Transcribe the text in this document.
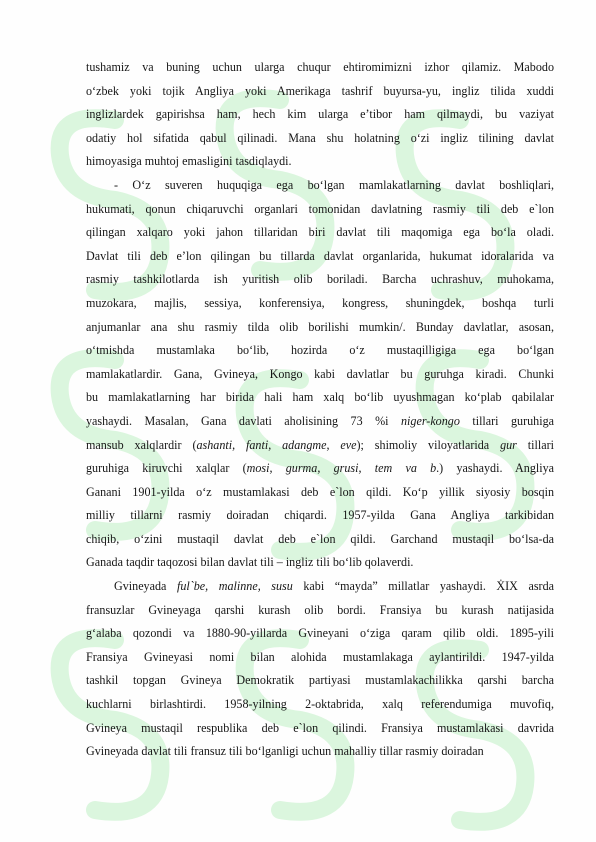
tushamiz va buning uchun ularga chuqur ehtiromimizni izhor qilamiz. Mabodo
o‘zbek yoki tojik Angliya yoki Amerikaga tashrif buyursa-yu, ingliz tilida xuddi
inglizlardek gapirishsa ham, hech kim ularga e’tibor ham qilmaydi, bu vaziyat
odatiy hol sifatida qabul qilinadi. Mana shu holatning o‘zi ingliz tilining davlat
himoyasiga muhtoj emasligini tasdiqlaydi.

- O‘z suveren huquqiga ega bo‘lgan mamlakatlarning davlat boshliqlari,
hukumati, qonun chiqaruvchi organlari tomonidan davlatning rasmiy tili deb e`lon
qilingan xalqaro yoki jahon tillaridan biri davlat tili maqomiga ega bo‘la oladi.
Davlat tili deb e’lon qilingan bu tillarda davlat organlarida, hukumat idoralarida va
rasmiy tashkilotlarda ish yuritish olib boriladi. Barcha uchrashuv, muhokama,
muzokara, majlis, sessiya, konferensiya, kongress, shuningdek, boshqa turli
anjumanlar ana shu rasmiy tilda olib borilishi mumkin/. Bunday davlatlar, asosan,
o‘tmishda mustamlaka bo‘lib, hozirda o‘z mustaqilligiga ega bo‘lgan
mamlakatlardir. Gana, Gvineya, Kongo kabi davlatlar bu guruhga kiradi. Chunki
bu mamlakatlarning har birida hali ham xalq bo‘lib uyushmagan ko‘plab qabilalar
yashaydi. Masalan, Gana davlati aholisining 73 %i niger-kongo tillari guruhiga
mansub xalqlardir (ashanti, fanti, adangme, eve); shimoliy viloyatlarida gur tillari
guruhiga kiruvchi xalqlar (mosi, gurma, grusi, tem va b.) yashaydi. Angliya
Ganani 1901-yilda o‘z mustamlakasi deb e`lon qildi. Ko‘p yillik siyosiy bosqin
milliy tillarni rasmiy doiradan chiqardi. 1957-yilda Gana Angliya tarkibidan
chiqib, o‘zini mustaqil davlat deb e`lon qildi. Garchand mustaqil bo‘lsa-da
Ganada taqdir taqozosi bilan davlat tili – ingliz tili bo‘lib qolaverdi.

Gvineyada ful`be, malinne, susu kabi “mayda” millatlar yashaydi. ẊIX asrda
fransuzlar Gvineyaga qarshi kurash olib bordi. Fransiya bu kurash natijasida
g‘alaba qozondi va 1880-90-yillarda Gvineyani o‘ziga qaram qilib oldi. 1895-yili
Fransiya Gvineyasi nomi bilan alohida mustamlakaga aylantirildi. 1947-yilda
tashkil topgan Gvineya Demokratik partiyasi mustamlakachilikka qarshi barcha
kuchlarni birlashtirdi. 1958-yilning 2-oktabrida, xalq referendumiga muvofiq,
Gvineya mustaqil respublika deb e`lon qilindi. Fransiya mustamlakasi davrida
Gvineyada davlat tili fransuz tili bo‘lganligi uchun mahalliy tillar rasmiy doiradan
